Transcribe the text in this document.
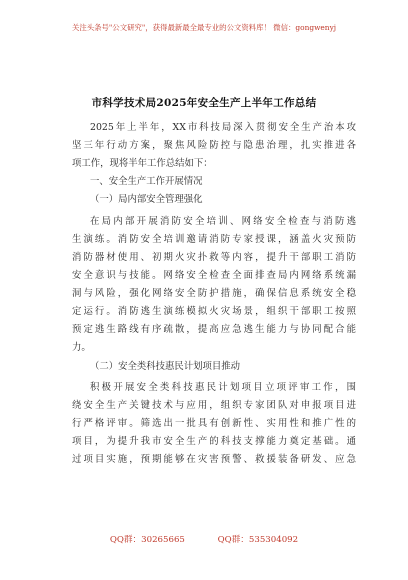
关注头条号"公文研究"，获得最新最全最专业的公文资料库！ 微信：gongwenyj
市科学技术局2025年安全生产上半年工作总结
2025年上半年，XX市科技局深入贯彻安全生产治本攻
坚三年行动方案，聚焦风险防控与隐患治理，扎实推进各
项工作，现将半年工作总结如下：
一、安全生产工作开展情况
（一）局内部安全管理强化
在局内部开展消防安全培训、网络安全检查与消防逃
生演练。消防安全培训邀请消防专家授课，涵盖火灾预防
消防器材使用、初期火灾扑救等内容，提升干部职工消防
安全意识与技能。网络安全检查全面排查局内网络系统漏
洞与风险，强化网络安全防护措施，确保信息系统安全稳
定运行。消防逃生演练模拟火灾场景，组织干部职工按照
预定逃生路线有序疏散，提高应急逃生能力与协同配合能
力。
（二）安全类科技惠民计划项目推动
积极开展安全类科技惠民计划项目立项评审工作，围
绕安全生产关键技术与应用，组织专家团队对申报项目进
行严格评审。筛选出一批具有创新性、实用性和推广性的
项目，为提升我市安全生产的科技支撑能力奠定基础。通
过项目实施，预期能够在灾害预警、救援装备研发、应急
QQ群：30265665	QQ群：535304092
